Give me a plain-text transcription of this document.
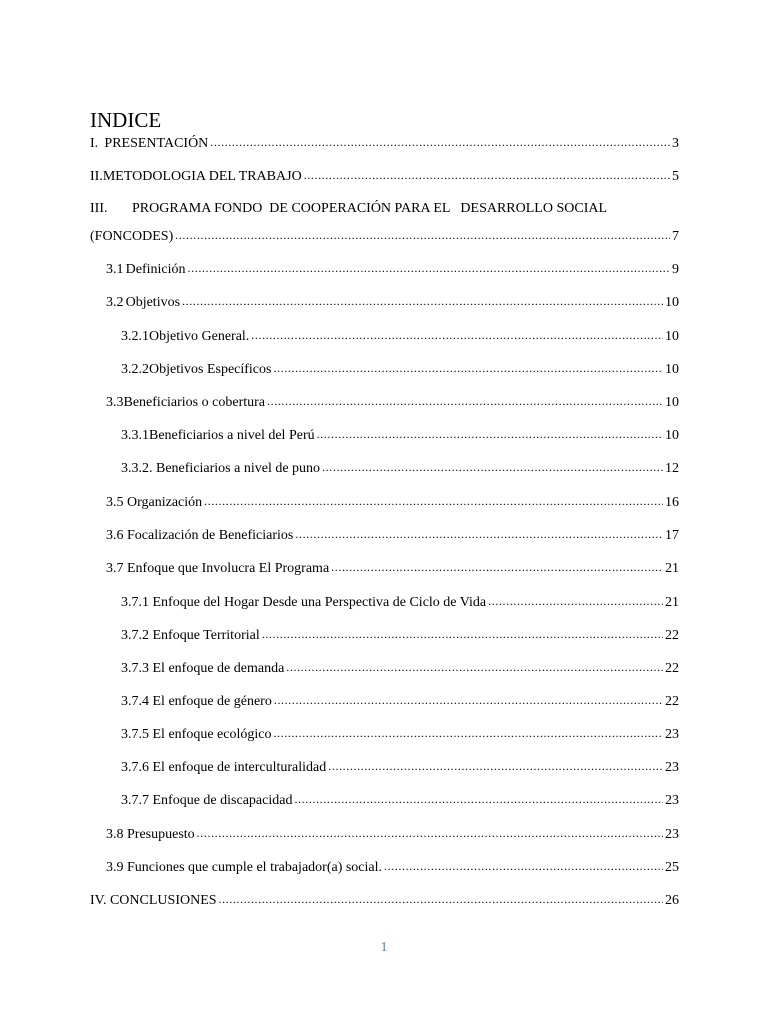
INDICE
I. PRESENTACIÓN .....	3
II. METODOLOGIA DEL TRABAJO .....	5
III. PROGRAMA FONDO  DE COOPERACIÓN PARA EL   DESARROLLO SOCIAL
(FONCODES) .....	7
3.1 Definición .....	9
3.2 Objetivos .....	10
3.2.1 Objetivo General. .....	10
3.2.2 Objetivos Específicos .....	10
3.3 Beneficiarios o cobertura .....	10
3.3.1 Beneficiarios a nivel del Perú .....	10
3.3.2. Beneficiarios a nivel de puno .....	12
3.5 Organización .....	16
3.6 Focalización de Beneficiarios .....	17
3.7 Enfoque que Involucra El Programa .....	21
3.7.1 Enfoque del Hogar Desde una Perspectiva de Ciclo de Vida .....	21
3.7.2 Enfoque Territorial .....	22
3.7.3 El enfoque de demanda .....	22
3.7.4 El enfoque de género .....	22
3.7.5 El enfoque ecológico .....	23
3.7.6 El enfoque de interculturalidad .....	23
3.7.7 Enfoque de discapacidad .....	23
3.8 Presupuesto .....	23
3.9 Funciones que cumple el trabajador(a) social. .....	25
IV. CONCLUSIONES .....	26
1
